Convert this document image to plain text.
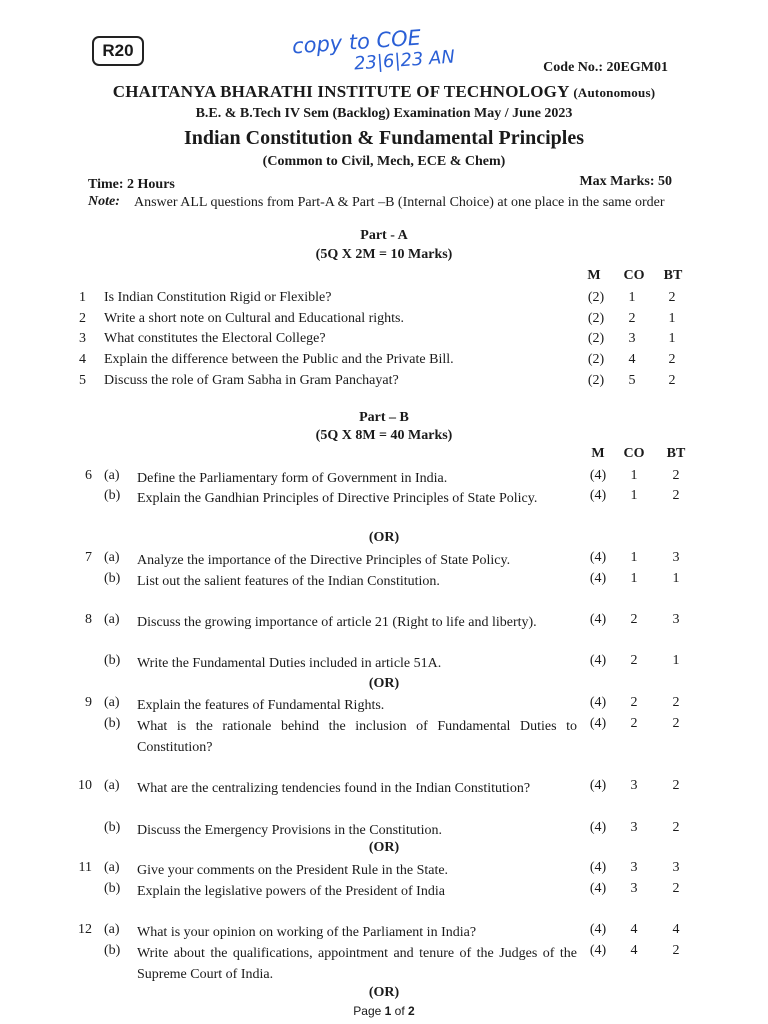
R20	copy to COE
23|6|23 AN	Code No.: 20EGM01
CHAITANYA BHARATHI INSTITUTE OF TECHNOLOGY (Autonomous)
B.E. & B.Tech IV Sem (Backlog) Examination May / June 2023
Indian Constitution & Fundamental Principles
(Common to Civil, Mech, ECE & Chem)
Time: 2 Hours	Max Marks: 50
Note: Answer ALL questions from Part-A & Part –B (Internal Choice) at one place in the same order
Part - A
(5Q X 2M = 10 Marks)
M	CO BT
1 Is Indian Constitution Rigid or Flexible?	(2)	1	2
2 Write a short note on Cultural and Educational rights.	(2)	2	1
3 What constitutes the Electoral College?	(2)	3	1
4 Explain the difference between the Public and the Private Bill.	(2)	4	2
5 Discuss the role of Gram Sabha in Gram Panchayat?	(2)	5	2
Part – B
(5Q X 8M = 40 Marks)
M	CO BT
6 (a) Define the Parliamentary form of Government in India.	(4)	1	2
(b) Explain the Gandhian Principles of Directive Principles of State Policy.	(4)	1	2
7 (a) Analyze the importance of the Directive Principles of State Policy.	(4)	1	3
(b) List out the salient features of the Indian Constitution.	(4)	1	1
8 (a) Discuss the growing importance of article 21 (Right to life and liberty).	(4)	2	3
(b) Write the Fundamental Duties included in article 51A.	(4)	2	1
9 (a) Explain the features of Fundamental Rights.	(4)	2	2
(b) What is the rationale behind the inclusion of Fundamental Duties to Constitution?
(4)	2	2
10 (a) What are the centralizing tendencies found in the Indian Constitution?	(4)	3	2
(b) Discuss the Emergency Provisions in the Constitution.	(4)	3	2
11 (a) Give your comments on the President Rule in the State.	(4)	3	3
(b) Explain the legislative powers of the President of India	(4)	3	2
12 (a) What is your opinion on working of the Parliament in India?	(4)	4	4
(b) Write about the qualifications, appointment and tenure of the Judges of the Supreme Court of India.
(4)	4	2
(OR)
(OR)
(OR)
(OR)
Page 1 of 2
